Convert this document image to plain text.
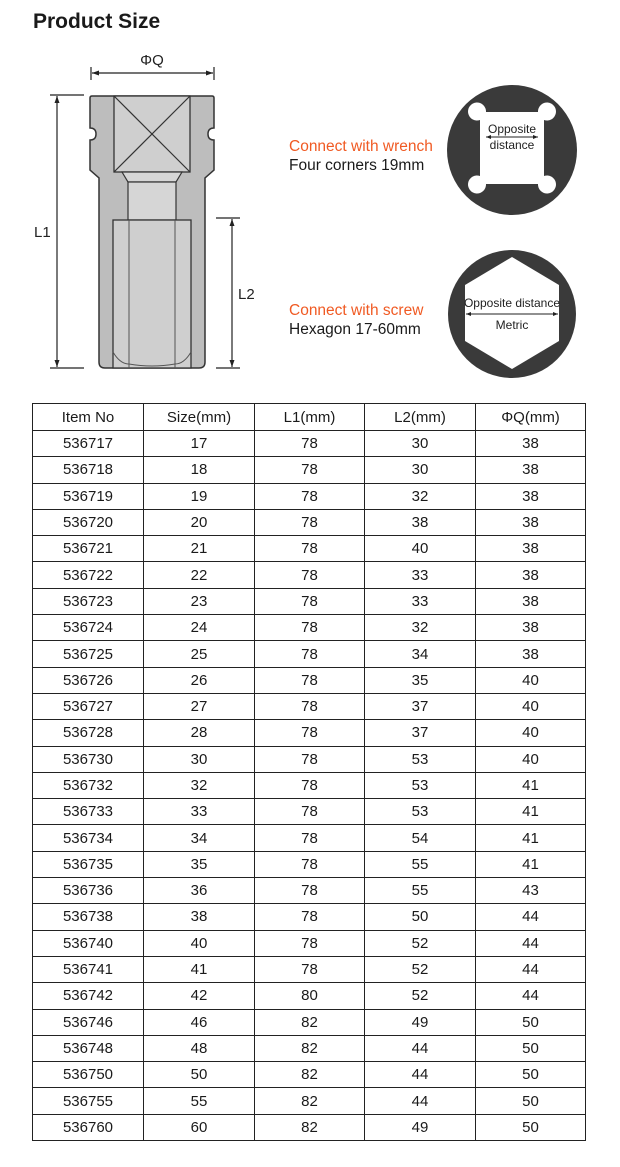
Product Size
ΦQ
L1
L2
Opposite
distance
Opposite distance
Metric
Connect with wrench
Four corners 19mm
Connect with screw
Hexagon 17-60mm
Item No	Size(mm)	L1(mm)	L2(mm)	ΦQ(mm)
536717	17	78	30	38
536718	18	78	30	38
536719	19	78	32	38
536720	20	78	38	38
536721	21	78	40	38
536722	22	78	33	38
536723	23	78	33	38
536724	24	78	32	38
536725	25	78	34	38
536726	26	78	35	40
536727	27	78	37	40
536728	28	78	37	40
536730	30	78	53	40
536732	32	78	53	41
536733	33	78	53	41
536734	34	78	54	41
536735	35	78	55	41
536736	36	78	55	43
536738	38	78	50	44
536740	40	78	52	44
536741	41	78	52	44
536742	42	80	52	44
536746	46	82	49	50
536748	48	82	44	50
536750	50	82	44	50
536755	55	82	44	50
536760	60	82	49	50
